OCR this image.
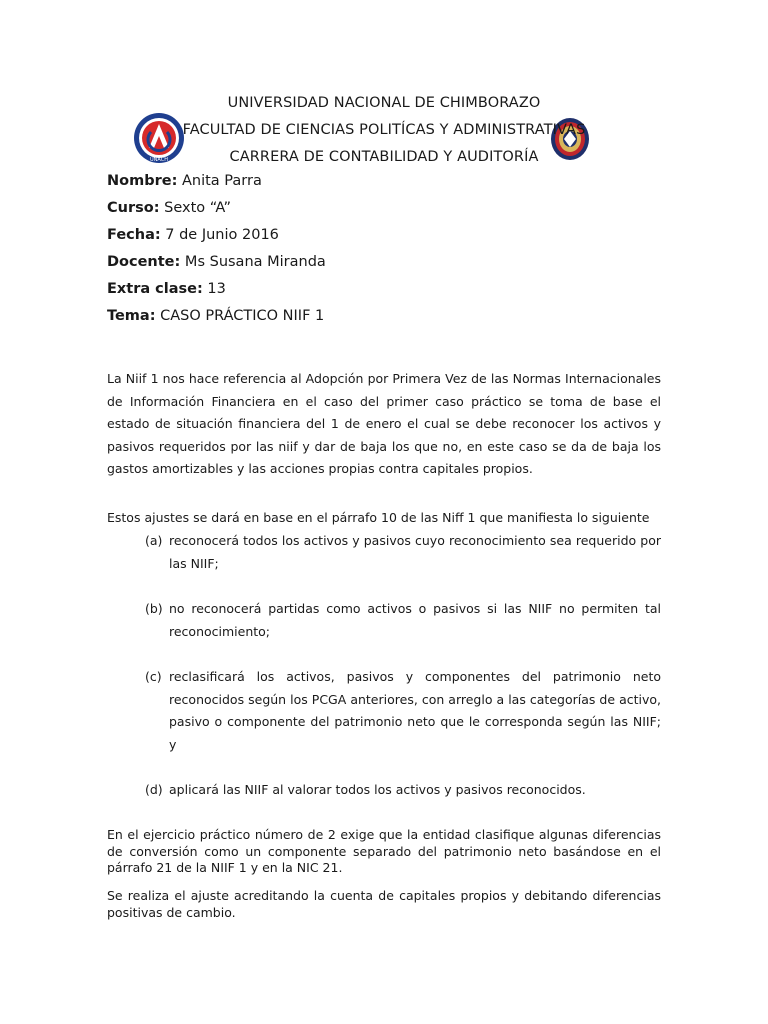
UNACH
UNIVERSIDAD NACIONAL DE CHIMBORAZO
FACULTAD DE CIENCIAS POLITÍCAS Y ADMINISTRATIVAS
CARRERA DE CONTABILIDAD Y AUDITORÍA
Nombre: Anita Parra
Curso: Sexto “A”
Fecha: 7 de Junio 2016
Docente: Ms Susana Miranda
Extra clase: 13
Tema: CASO PRÁCTICO NIIF 1
La Niif 1 nos hace referencia al Adopción por Primera Vez de las Normas Internacionales de Información Financiera en el caso del primer caso práctico se toma de base el estado de situación financiera del 1 de enero el cual se debe reconocer los activos y pasivos requeridos por las niif y dar de baja los que no, en este caso se da de baja los gastos amortizables y las acciones propias contra capitales propios.
Estos ajustes se dará en base en el párrafo 10 de las Niff 1 que manifiesta lo siguiente
(a) reconocerá todos los activos y pasivos cuyo reconocimiento sea requerido por las NIIF;
(b) no reconocerá partidas como activos o pasivos si las NIIF no permiten tal reconocimiento;
(c) reclasificará los activos, pasivos y componentes del patrimonio neto reconocidos según los PCGA anteriores, con arreglo a las categorías de activo, pasivo o componente del patrimonio neto que le corresponda según las NIIF; y
(d) aplicará las NIIF al valorar todos los activos y pasivos reconocidos.
En el ejercicio práctico número de 2 exige que la entidad clasifique algunas diferencias de conversión como un componente separado del patrimonio neto basándose en el párrafo 21 de la NIIF 1 y en la NIC 21.
Se realiza el ajuste acreditando la cuenta de capitales propios y debitando diferencias positivas de cambio.
